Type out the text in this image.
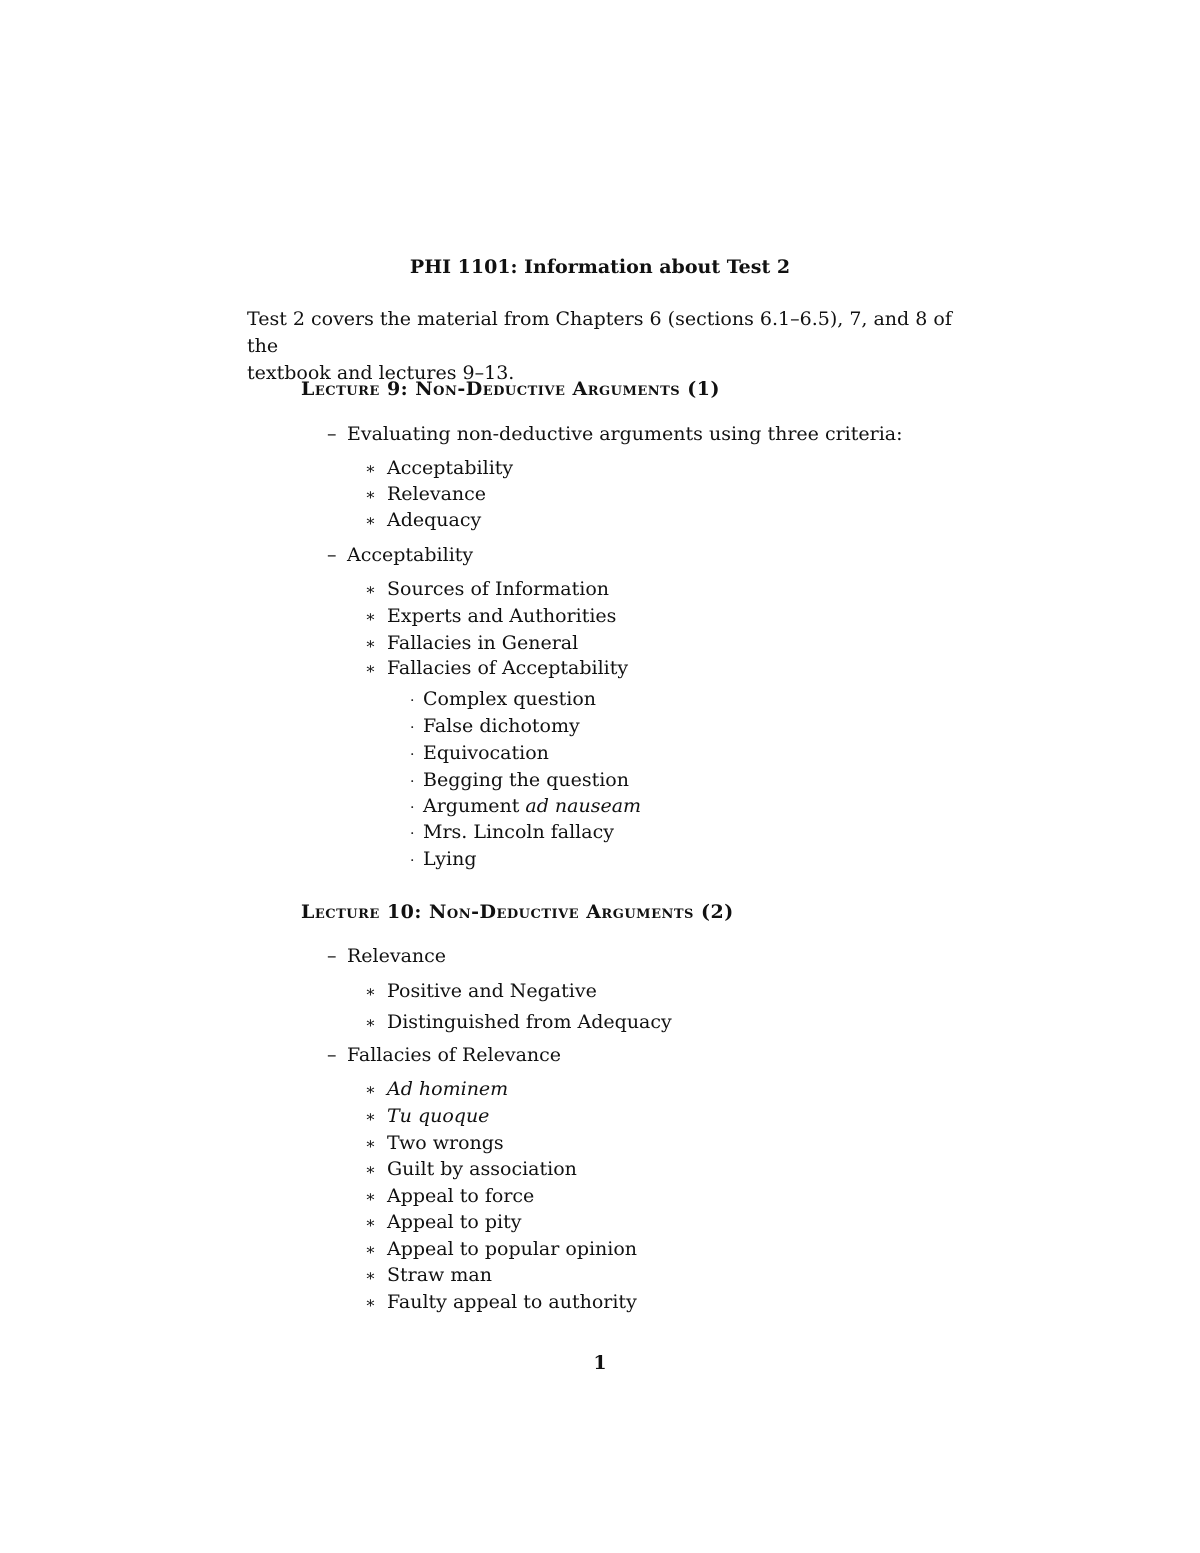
PHI 1101: Information about Test 2
Test 2 covers the material from Chapters 6 (sections 6.1–6.5), 7, and 8 of the
textbook and lectures 9–13.
Lecture 9: Non-Deductive Arguments (1)
– Evaluating non-deductive arguments using three criteria:
∗ Acceptability
∗ Relevance
∗ Adequacy
– Acceptability
∗ Sources of Information
∗ Experts and Authorities
∗ Fallacies in General
∗ Fallacies of Acceptability
· Complex question
· False dichotomy
· Equivocation
· Begging the question
· Argument ad nauseam
· Mrs. Lincoln fallacy
· Lying
Lecture 10: Non-Deductive Arguments (2)
– Relevance
∗ Positive and Negative
∗ Distinguished from Adequacy
– Fallacies of Relevance
∗ Ad hominem
∗ Tu quoque
∗ Two wrongs
∗ Guilt by association
∗ Appeal to force
∗ Appeal to pity
∗ Appeal to popular opinion
∗ Straw man
∗ Faulty appeal to authority
1
